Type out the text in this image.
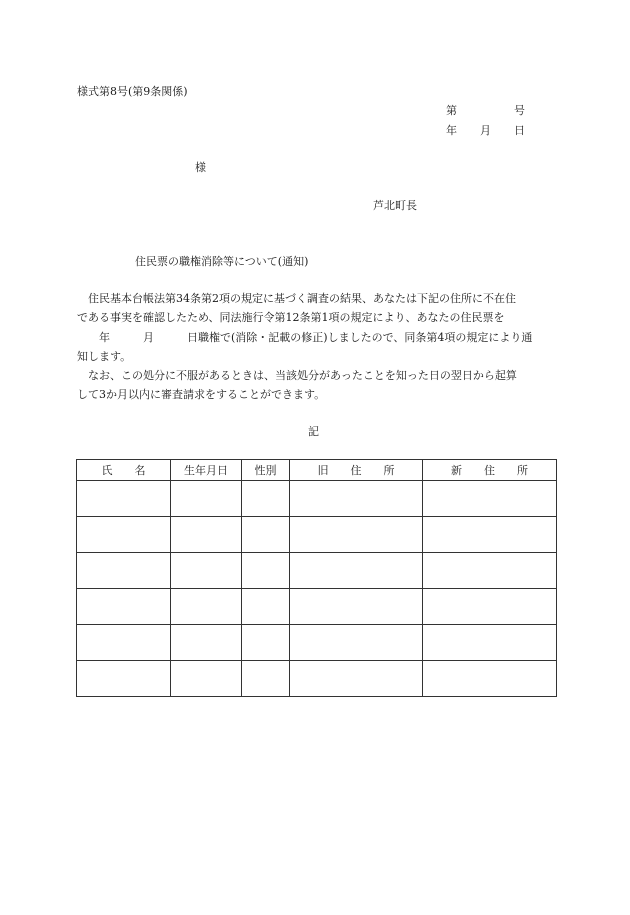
様式第8号(第9条関係)
第	号
年 月 日
様
芦北町長
住民票の職権消除等について(通知)
住民基本台帳法第34条第2項の規定に基づく調査の結果、あなたは下記の住所に不在住
である事実を確認したため、同法施行令第12条第1項の規定により、あなたの住民票を
年	月	日職権で(消除・記載の修正)しましたので、同条第4項の規定により通
知します。
なお、この処分に不服があるときは、当該処分があったことを知った日の翌日から起算
して3か月以内に審査請求をすることができます。
記
氏　　名	生年月日	性別	旧　　住　　所	新　　住　　所
